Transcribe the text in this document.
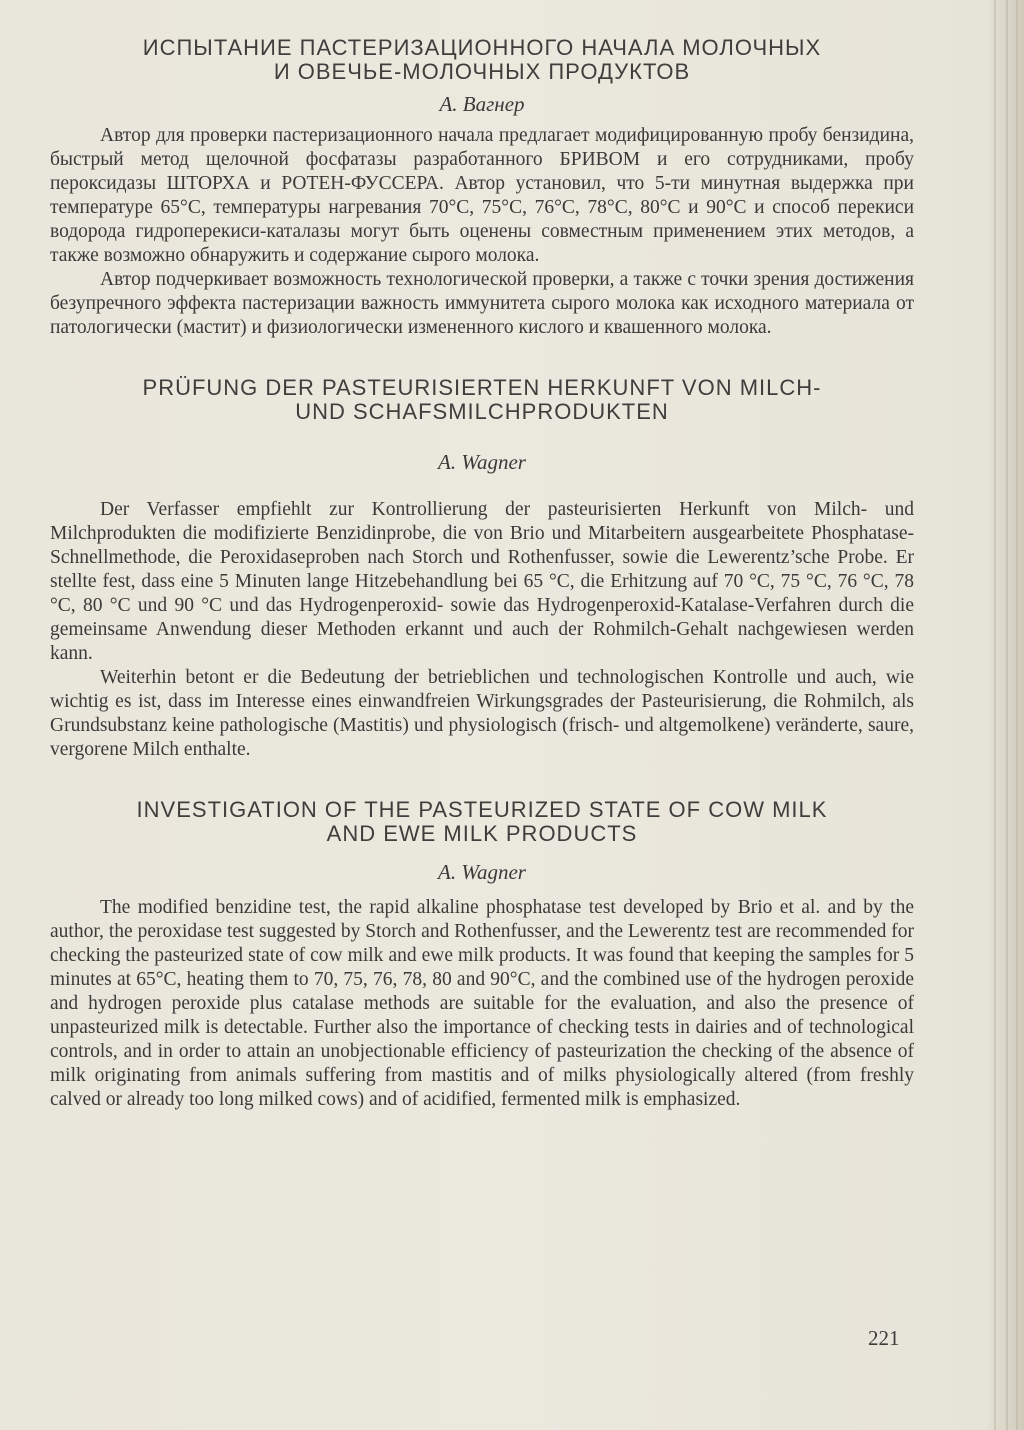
ИСПЫТАНИЕ ПАСТЕРИЗАЦИОННОГО НАЧАЛА МОЛОЧНЫХ
И ОВЕЧЬЕ-МОЛОЧНЫХ ПРОДУКТОВ
А. Вагнер

Автор для проверки пастеризационного начала предлагает модифицированную пробу бензидина, быстрый метод щелочной фосфатазы разработанного БРИВОМ и его сотрудниками, пробу пероксидазы ШТОРХА и РОТЕН-ФУССЕРА. Автор установил, что 5-ти минутная выдержка при температуре 65°С, температуры нагревания 70°С, 75°С, 76°С, 78°С, 80°С и 90°С и способ перекиси водорода гидроперекиси-каталазы могут быть оценены совместным применением этих методов, а также возможно обнаружить и содержание сырого молока.

Автор подчеркивает возможность технологической проверки, а также с точки зрения достижения безупречного эффекта пастеризации важность иммунитета сырого молока как исходного материала от патологически (мастит) и физиологически измененного кислого и квашенного молока.

PRÜFUNG DER PASTEURISIERTEN HERKUNFT VON MILCH-
UND SCHAFSMILCHPRODUKTEN
A. Wagner

Der Verfasser empfiehlt zur Kontrollierung der pasteurisierten Herkunft von Milch- und Milchprodukten die modifizierte Benzidinprobe, die von Brio und Mitarbeitern ausgearbeitete Phosphatase-Schnellmethode, die Peroxidaseproben nach Storch und Rothenfusser, sowie die Lewerentz’sche Probe. Er stellte fest, dass eine 5 Minuten lange Hitzebehandlung bei 65 °C, die Erhitzung auf 70 °C, 75 °C, 76 °C, 78 °C, 80 °C und 90 °C und das Hydrogenperoxid- sowie das Hydrogenperoxid-Katalase-Verfahren durch die gemeinsame Anwendung dieser Methoden erkannt und auch der Rohmilch-Gehalt nachgewiesen werden kann.

Weiterhin betont er die Bedeutung der betrieblichen und technologischen Kontrolle und auch, wie wichtig es ist, dass im Interesse eines einwandfreien Wirkungsgrades der Pasteurisierung, die Rohmilch, als Grundsubstanz keine pathologische (Mastitis) und physiologisch (frisch- und altgemolkene) veränderte, saure, vergorene Milch enthalte.

INVESTIGATION OF THE PASTEURIZED STATE OF COW MILK
AND EWE MILK PRODUCTS
A. Wagner

The modified benzidine test, the rapid alkaline phosphatase test developed by Brio et al. and by the author, the peroxidase test suggested by Storch and Rothenfusser, and the Lewerentz test are recommended for checking the pasteurized state of cow milk and ewe milk products. It was found that keeping the samples for 5 minutes at 65°C, heating them to 70, 75, 76, 78, 80 and 90°C, and the combined use of the hydrogen peroxide and hydrogen peroxide plus catalase methods are suitable for the evaluation, and also the presence of unpasteurized milk is detectable. Further also the importance of checking tests in dairies and of technological controls, and in order to attain an unobjectionable efficiency of pasteurization the checking of the absence of milk originating from animals suffering from mastitis and of milks physiologically altered (from freshly calved or already too long milked cows) and of acidified, fermented milk is emphasized.

221
